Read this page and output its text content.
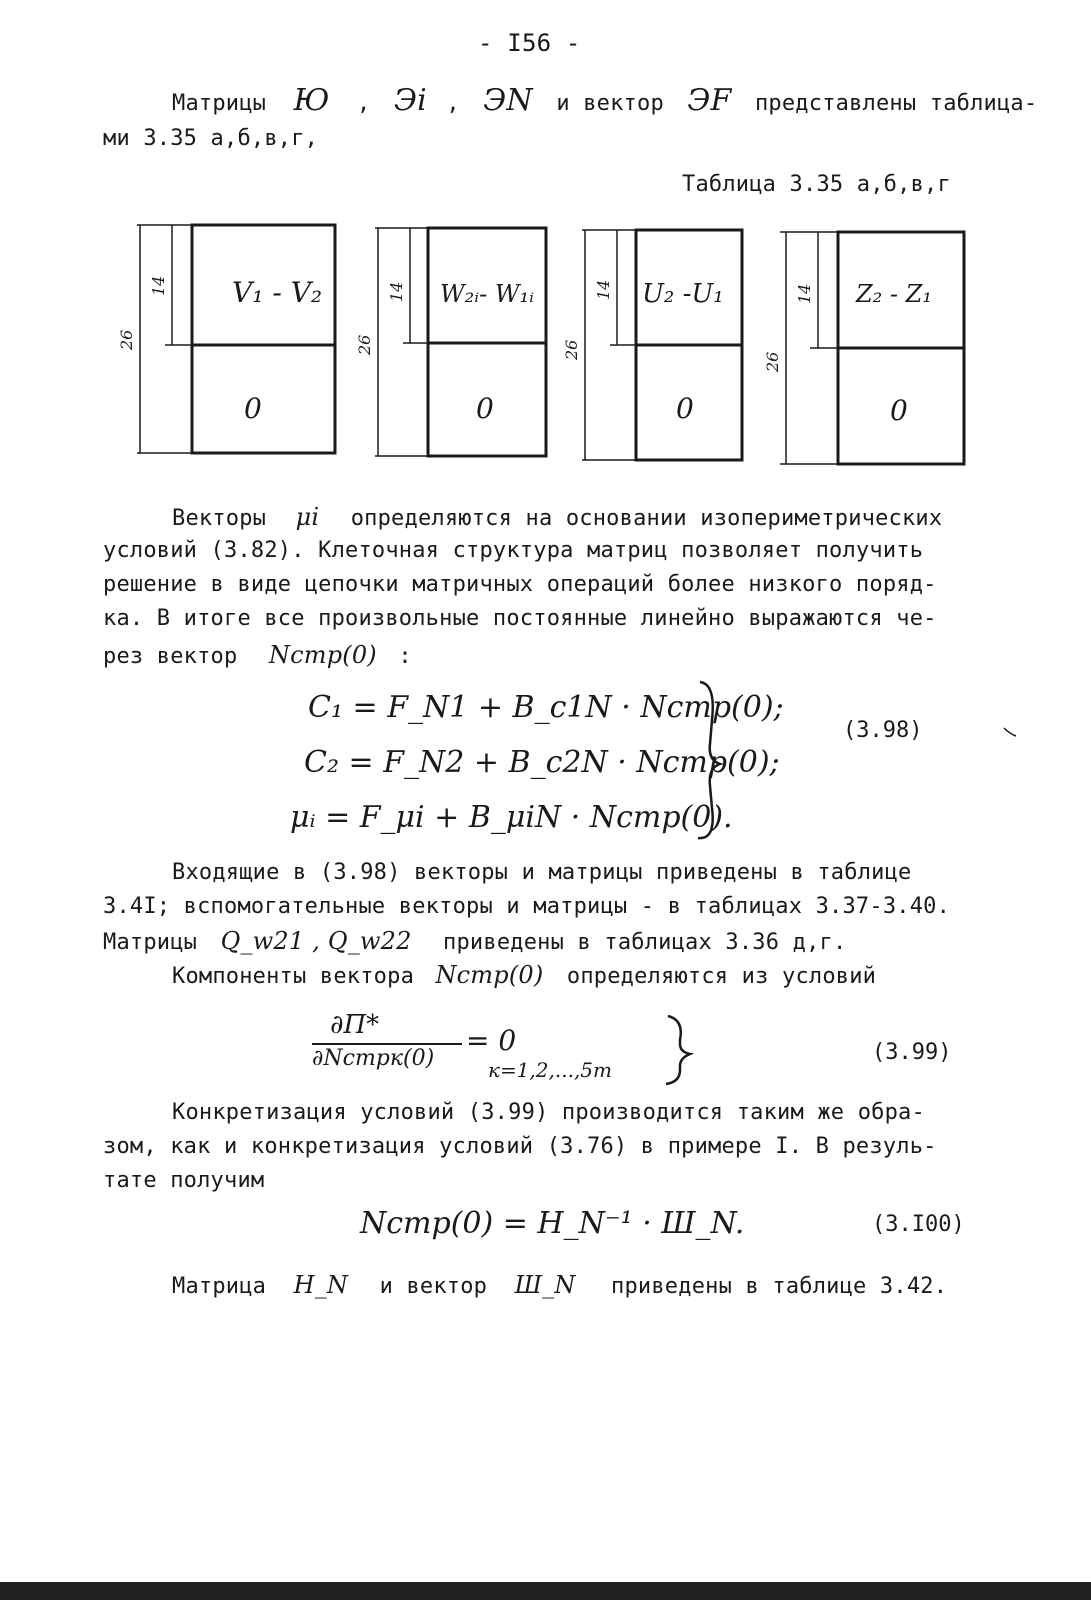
- I56 -
Матрицы Ю , Эi , ЭN и вектор ЭF представлены таблица-
ми 3.35 а,б,в,г,
Таблица 3.35 а,б,в,г
V₁ - V₂
0
26
14	W₂ᵢ- W₁ᵢ
0
26
14	U₂ -U₁
0
26
14	Z₂ - Z₁
0
26
14
Векторы μi определяются на основании изопериметрических
условий (3.82). Клеточная структура матриц позволяет получить
решение в виде цепочки матричных операций более низкого поряд-
ка. В итоге все произвольные постоянные линейно выражаются че-
рез вектор Nсmр(0) :
C₁ = F_N1 + B_c1N · Nстр(0);
C₂ = F_N2 + B_c2N · Nстр(0);
μᵢ = F_μi + B_μiN · Nстр(0).
(3.98)
Входящие в (3.98) векторы и матрицы приведены в таблице
3.4I; вспомогательные векторы и матрицы - в таблицах 3.37-3.40.
Матрицы Q_w21 , Q_w22 приведены в таблицах 3.36 д,г.
Компоненты вектора Nстр(0) определяются из условий
∂П*
∂Nстрк(0)
= 0
к=1,2,...,5m
(3.99)
Конкретизация условий (3.99) производится таким же обра-
зом, как и конкретизация условий (3.76) в примере I. В резуль-
тате получим
Nстр(0) = H_N⁻¹ · Ш_N.	(3.I00)
Матрица H_N и вектор Ш_N приведены в таблице 3.42.
